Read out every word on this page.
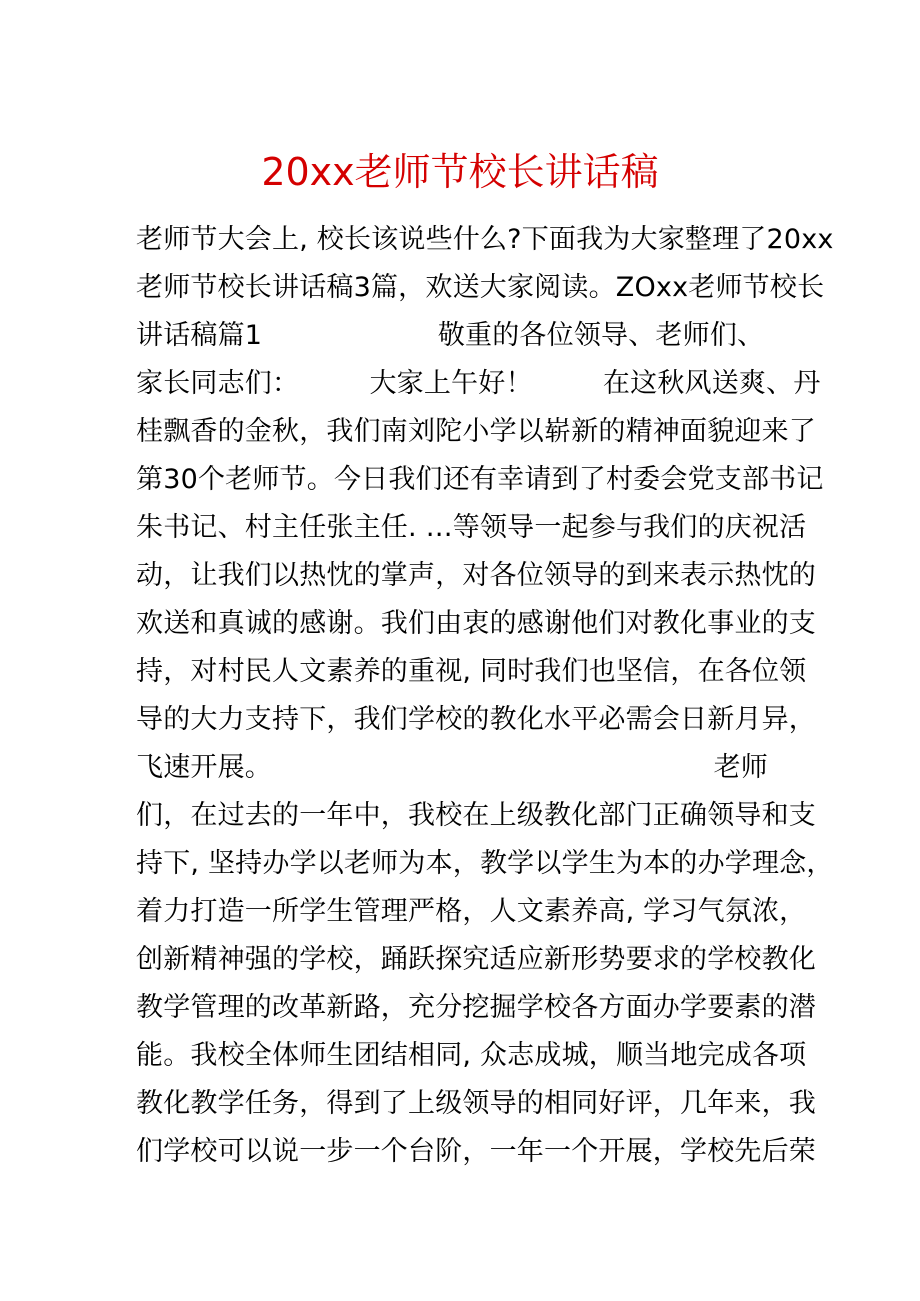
20xx老师节校长讲话稿
老师节大会上, 校长该说些什么?下面我为大家整理了20xx
老师节校长讲话稿3篇，欢送大家阅读。ZOxx老师节校长
讲话稿篇1                    敬重的各位领导、老师们、
家长同志们：        大家上午好！        在这秋风送爽、丹
桂飘香的金秋，我们南刘陀小学以崭新的精神面貌迎来了
第30个老师节。今日我们还有幸请到了村委会党支部书记
朱书记、村主任张主任. …等领导一起参与我们的庆祝活
动，让我们以热忱的掌声，对各位领导的到来表示热忱的
欢送和真诚的感谢。我们由衷的感谢他们对教化事业的支
持，对村民人文素养的重视, 同时我们也坚信，在各位领
导的大力支持下，我们学校的教化水平必需会日新月异，
飞速开展。	老师
们，在过去的一年中，我校在上级教化部门正确领导和支
持下, 坚持办学以老师为本，教学以学生为本的办学理念，
着力打造一所学生管理严格，人文素养高, 学习气氛浓，
创新精神强的学校，踊跃探究适应新形势要求的学校教化
教学管理的改革新路，充分挖掘学校各方面办学要素的潜
能。我校全体师生团结相同, 众志成城，顺当地完成各项
教化教学任务，得到了上级领导的相同好评，几年来，我
们学校可以说一步一个台阶，一年一个开展，学校先后荣
